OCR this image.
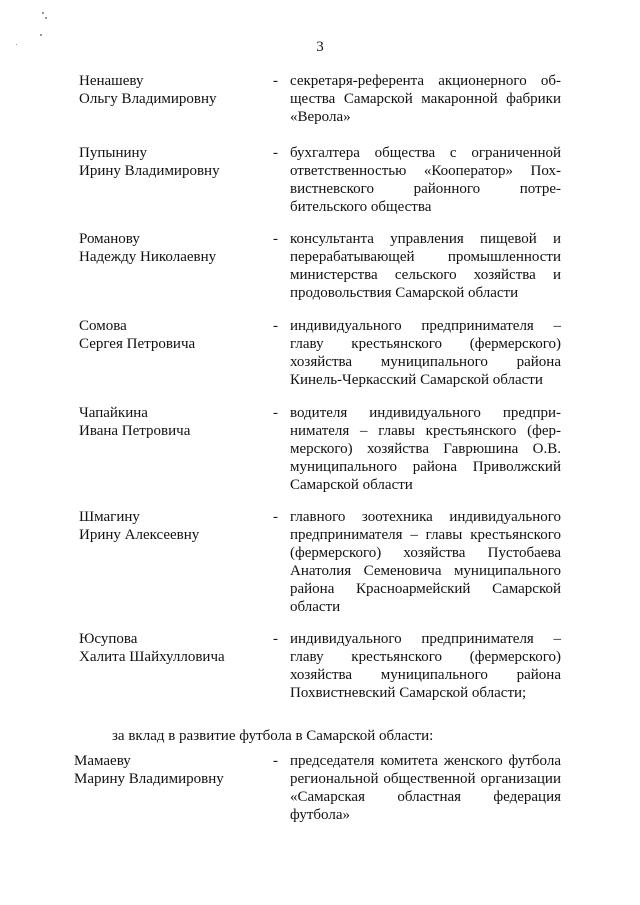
3
Ненашеву
Ольгу Владимировну
- секретаря-референта акционерного об-
щества Самарской макаронной фабрики
«Верола»
Пупынину
Ирину Владимировну
- бухгалтера общества с ограниченной
ответственностью «Кооператор» Пох-
вистневского районного потре-
бительского общества
Романову
Надежду Николаевну
- консультанта управления пищевой и
перерабатывающей промышленности
министерства сельского хозяйства и
продовольствия Самарской области
Сомова
Сергея Петровича
- индивидуального предпринимателя –
главу крестьянского (фермерского)
хозяйства муниципального района
Кинель-Черкасский Самарской области
Чапайкина
Ивана Петровича
- водителя индивидуального предпри-
нимателя – главы крестьянского (фер-
мерского) хозяйства Гаврюшина О.В.
муниципального района Приволжский
Самарской области
Шмагину
Ирину Алексеевну
- главного зоотехника индивидуального
предпринимателя – главы крестьянского
(фермерского) хозяйства Пустобаева
Анатолия Семеновича муниципального
района Красноармейский Самарской
области
Юсупова
Халита Шайхулловича
- индивидуального предпринимателя –
главу крестьянского (фермерского)
хозяйства муниципального района
Похвистневский Самарской области;
за вклад в развитие футбола в Самарской области:
Мамаеву
Марину Владимировну
- председателя комитета женского футбола
региональной общественной организации
«Самарская областная федерация
футбола»
